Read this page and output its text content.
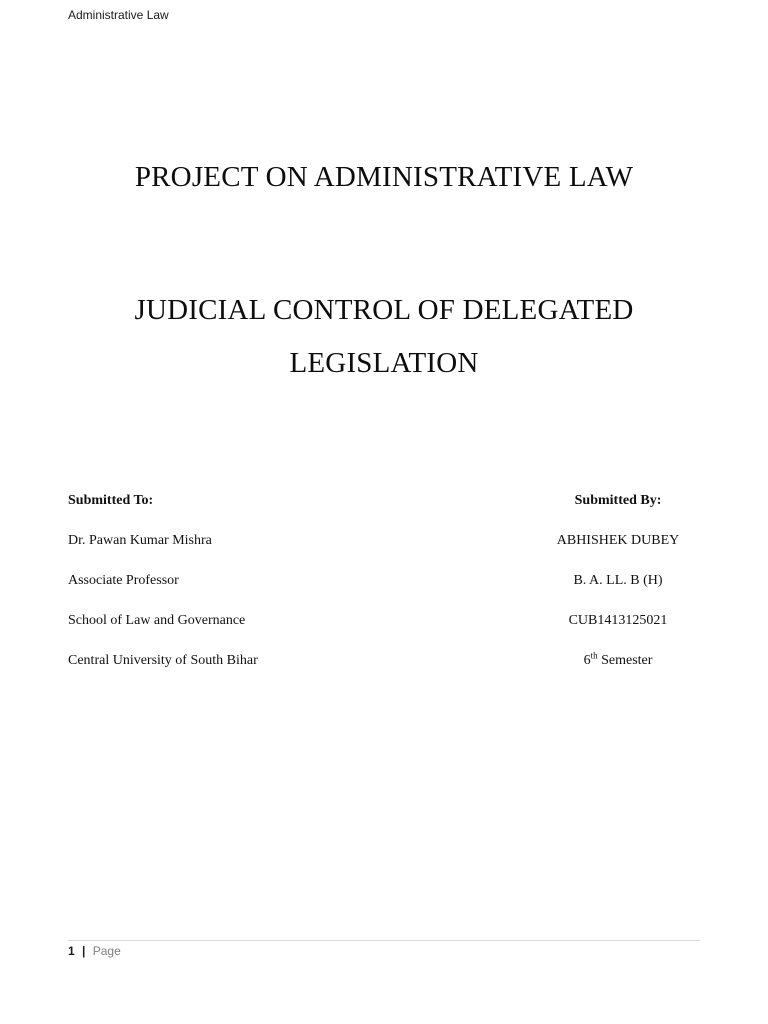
Administrative Law
PROJECT ON ADMINISTRATIVE LAW
JUDICIAL CONTROL OF DELEGATED
LEGISLATION
Submitted To:
Dr. Pawan Kumar Mishra
Associate Professor
School of Law and Governance
Central University of South Bihar
Submitted By:
ABHISHEK DUBEY
B. A. LL. B (H)
CUB1413125021
6th Semester
1 | Page
